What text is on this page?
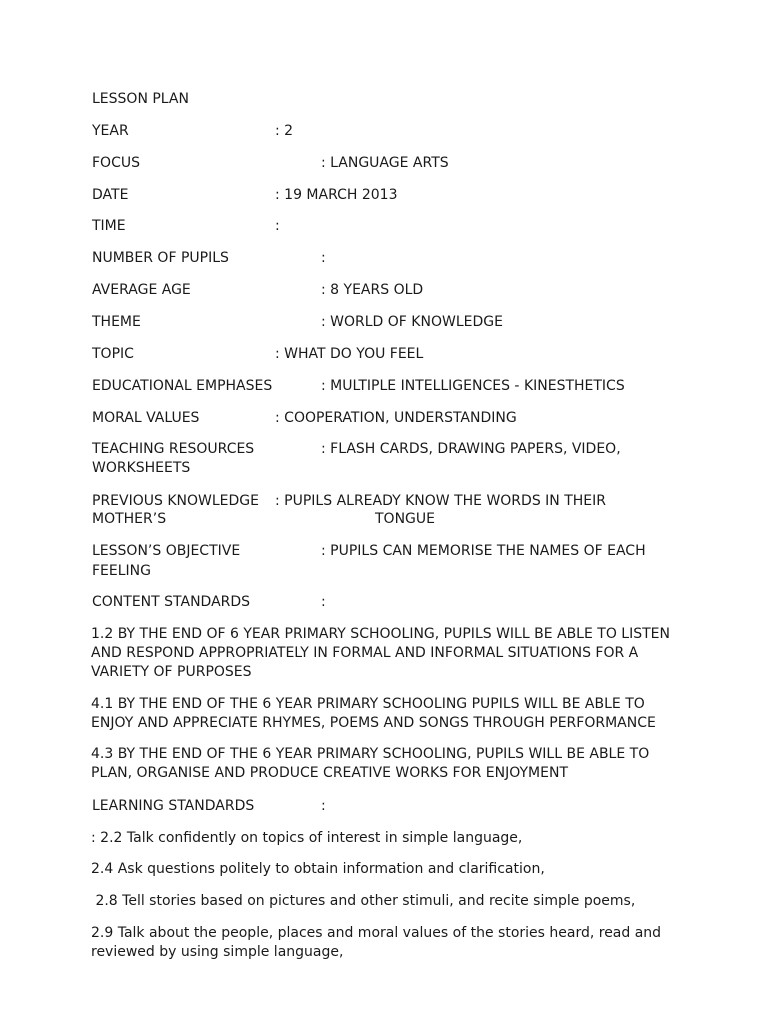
LESSON PLAN
YEAR	: 2
FOCUS	: LANGUAGE ARTS
DATE	: 19 MARCH 2013
TIME	:
NUMBER OF PUPILS	:
AVERAGE AGE	: 8 YEARS OLD
THEME	: WORLD OF KNOWLEDGE
TOPIC	: WHAT DO YOU FEEL
EDUCATIONAL EMPHASES	: MULTIPLE INTELLIGENCES - KINESTHETICS
MORAL VALUES	: COOPERATION, UNDERSTANDING
TEACHING RESOURCES	: FLASH CARDS, DRAWING PAPERS, VIDEO,
WORKSHEETS
PREVIOUS KNOWLEDGE : PUPILS ALREADY KNOW THE WORDS IN THEIR
MOTHER’S	TONGUE
LESSON’S OBJECTIVE	: PUPILS CAN MEMORISE THE NAMES OF EACH
FEELING
CONTENT STANDARDS	:
1.2 BY THE END OF 6 YEAR PRIMARY SCHOOLING, PUPILS WILL BE ABLE TO LISTEN AND RESPOND APPROPRIATELY IN FORMAL AND INFORMAL SITUATIONS FOR A VARIETY OF PURPOSES
4.1 BY THE END OF THE 6 YEAR PRIMARY SCHOOLING PUPILS WILL BE ABLE TO ENJOY AND APPRECIATE RHYMES, POEMS AND SONGS THROUGH PERFORMANCE
4.3 BY THE END OF THE 6 YEAR PRIMARY SCHOOLING, PUPILS WILL BE ABLE TO PLAN, ORGANISE AND PRODUCE CREATIVE WORKS FOR ENJOYMENT
LEARNING STANDARDS	:
: 2.2 Talk confidently on topics of interest in simple language,
2.4 Ask questions politely to obtain information and clarification,
2.8 Tell stories based on pictures and other stimuli, and recite simple poems,
2.9 Talk about the people, places and moral values of the stories heard, read and reviewed by using simple language,
